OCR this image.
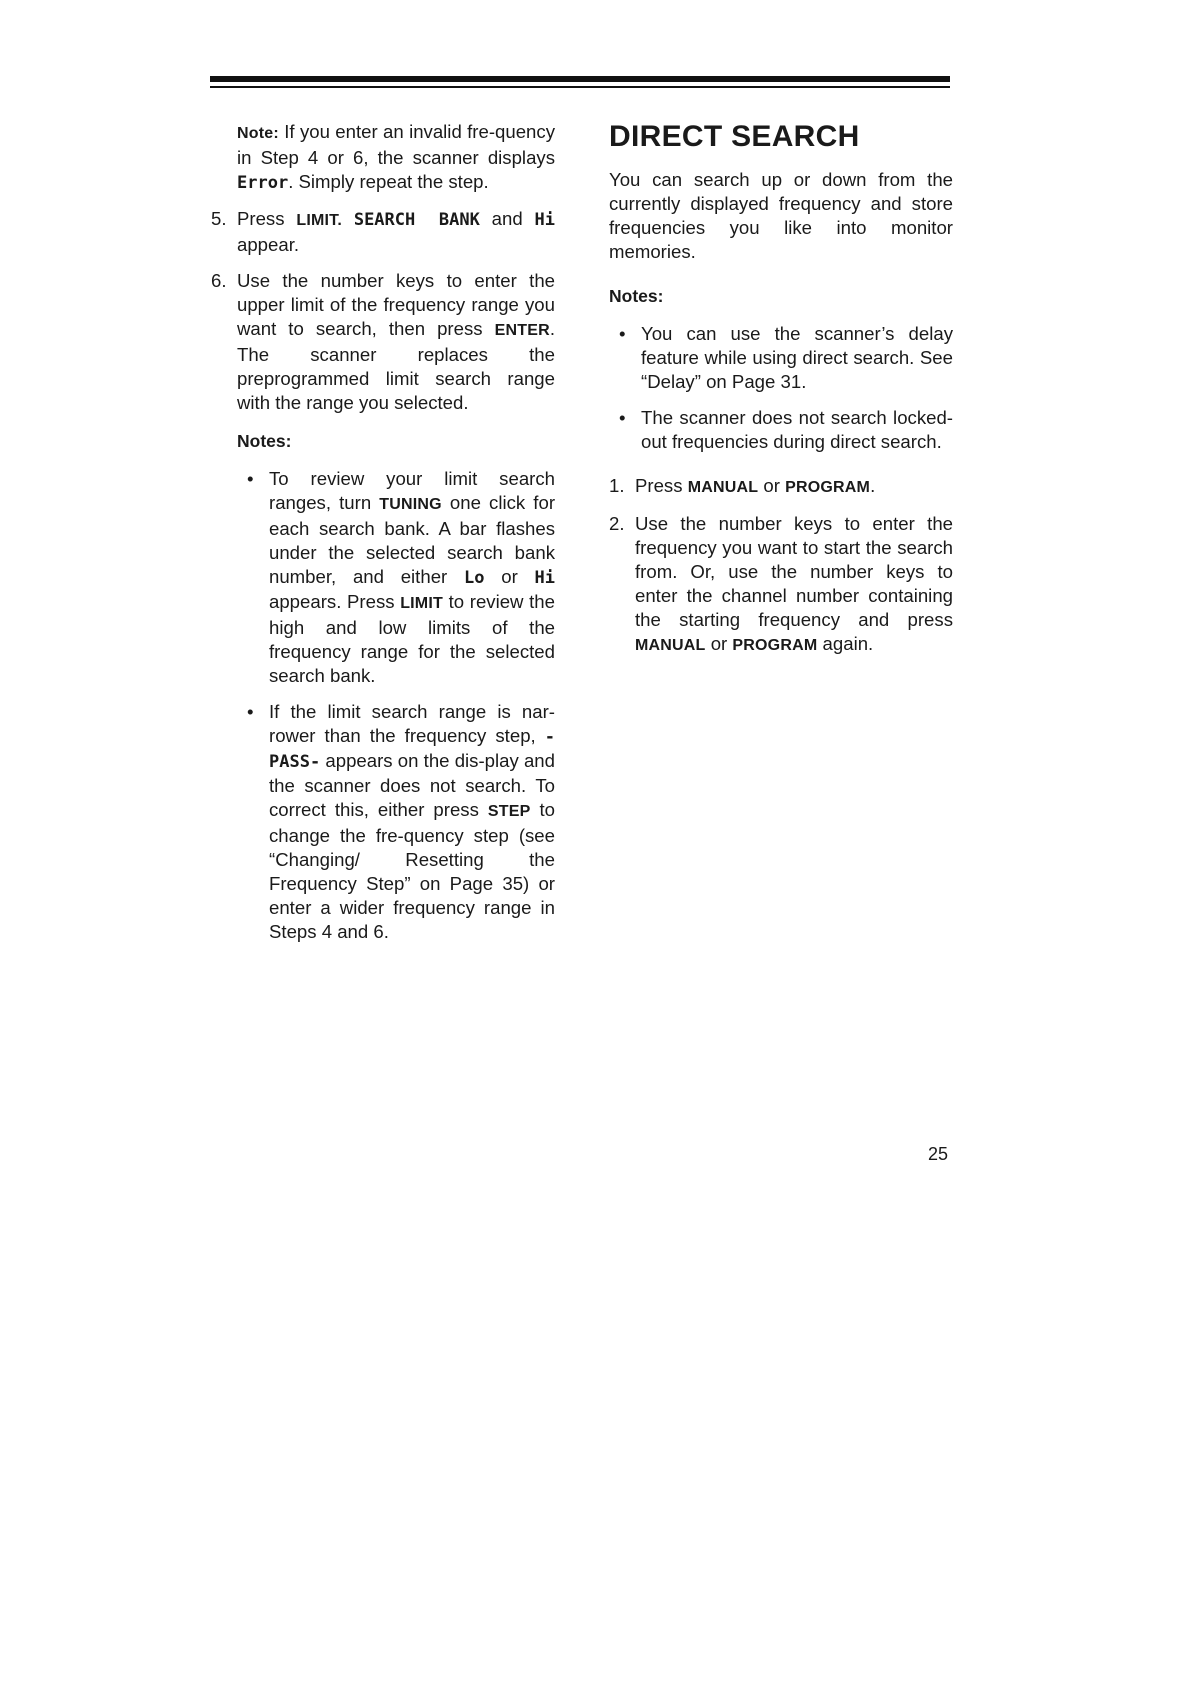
Note: If you enter an invalid fre-quency in Step 4 or 6, the scanner displays Error. Simply repeat the step.

5. Press LIMIT. SEARCH BANK and Hi appear.
6. Use the number keys to enter the upper limit of the frequency range you want to search, then press ENTER. The scanner replaces the preprogrammed limit search range with the range you selected.
Notes:
• To review your limit search ranges, turn TUNING one click for each search bank. A bar flashes under the selected search bank number, and either Lo or Hi appears. Press LIMIT to review the high and low limits of the frequency range for the selected search bank.
• If the limit search range is nar-rower than the frequency step, -PASS- appears on the dis-play and the scanner does not search. To correct this, either press STEP to change the fre-quency step (see “Changing/ Resetting the Frequency Step” on Page 35) or enter a wider frequency range in Steps 4 and 6.
DIRECT SEARCH

You can search up or down from the currently displayed frequency and store frequencies you like into monitor memories.

Notes:
• You can use the scanner’s delay feature while using direct search. See “Delay” on Page 31.
• The scanner does not search locked-out frequencies during direct search.
1. Press MANUAL or PROGRAM.
2. Use the number keys to enter the frequency you want to start the search from. Or, use the number keys to enter the channel number containing the starting frequency and press MANUAL or PROGRAM again.
25
